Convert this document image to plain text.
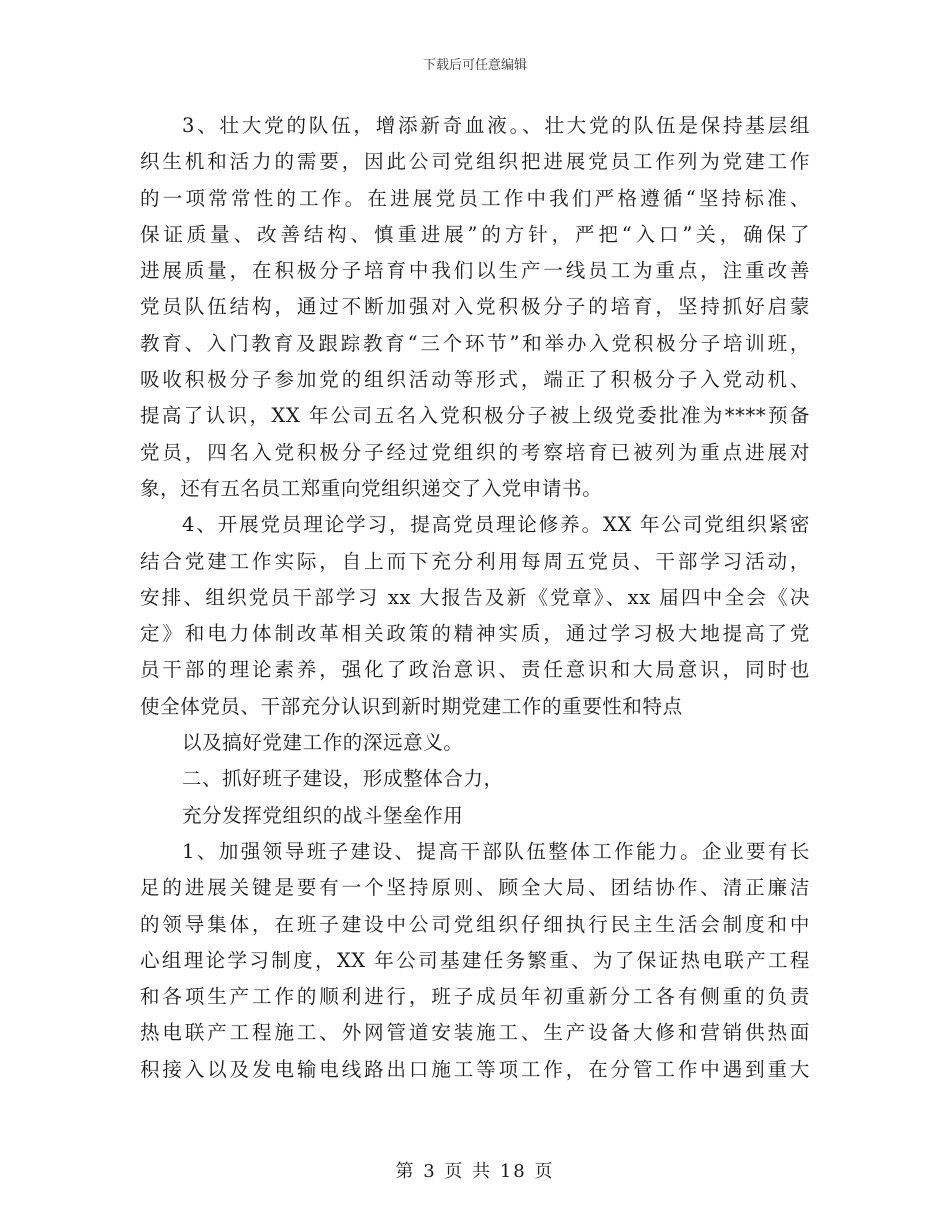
下载后可任意编辑
3、壮大党的队伍，增添新奇血液。、壮大党的队伍是保持基层组
织生机和活力的需要，因此公司党组织把进展党员工作列为党建工作
的一项常常性的工作。在进展党员工作中我们严格遵循“坚持标准、
保证质量、改善结构、慎重进展”的方针，严把“入口”关，确保了
进展质量，在积极分子培育中我们以生产一线员工为重点，注重改善
党员队伍结构，通过不断加强对入党积极分子的培育，坚持抓好启蒙
教育、入门教育及跟踪教育“三个环节”和举办入党积极分子培训班，
吸收积极分子参加党的组织活动等形式，端正了积极分子入党动机、
提高了认识，XX 年公司五名入党积极分子被上级党委批准为****预备
党员，四名入党积极分子经过党组织的考察培育已被列为重点进展对
象，还有五名员工郑重向党组织递交了入党申请书。
4、开展党员理论学习，提高党员理论修养。XX 年公司党组织紧密
结合党建工作实际，自上而下充分利用每周五党员、干部学习活动，
安排、组织党员干部学习 xx 大报告及新《党章》、xx 届四中全会《决
定》和电力体制改革相关政策的精神实质，通过学习极大地提高了党
员干部的理论素养，强化了政治意识、责任意识和大局意识，同时也
使全体党员、干部充分认识到新时期党建工作的重要性和特点
以及搞好党建工作的深远意义。
二、抓好班子建设，形成整体合力，
充分发挥党组织的战斗堡垒作用
1、加强领导班子建设、提高干部队伍整体工作能力。企业要有长
足的进展关键是要有一个坚持原则、顾全大局、团结协作、清正廉洁
的领导集体，在班子建设中公司党组织仔细执行民主生活会制度和中
心组理论学习制度，XX 年公司基建任务繁重、为了保证热电联产工程
和各项生产工作的顺利进行，班子成员年初重新分工各有侧重的负责
热电联产工程施工、外网管道安装施工、生产设备大修和营销供热面
积接入以及发电输电线路出口施工等项工作，在分管工作中遇到重大
第 3 页 共 18 页
